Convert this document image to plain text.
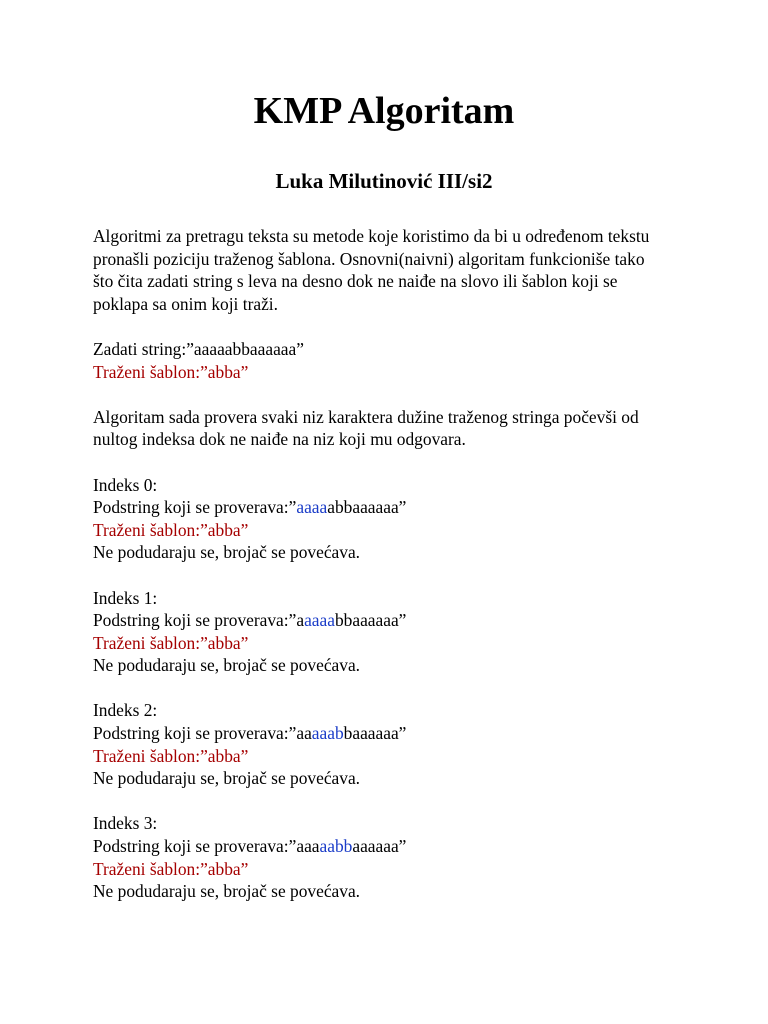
KMP Algoritam
Luka Milutinović III/si2
Algoritmi za pretragu teksta su metode koje koristimo da bi u određenom tekstu
pronašli poziciju traženog šablona. Osnovni(naivni) algoritam funkcioniše tako
što čita zadati string s leva na desno dok ne naiđe na slovo ili šablon koji se
poklapa sa onim koji traži.
Zadati string:”aaaaabbaaaaaa”
Traženi šablon:”abba”
Algoritam sada provera svaki niz karaktera dužine traženog stringa počevši od
nultog indeksa dok ne naiđe na niz koji mu odgovara.
Indeks 0:
Podstring koji se proverava:”aaaaabbaaaaaa”
Traženi šablon:”abba”
Ne podudaraju se, brojač se povećava.
Indeks 1:
Podstring koji se proverava:”aaaaabbaaaaaa”
Traženi šablon:”abba”
Ne podudaraju se, brojač se povećava.
Indeks 2:
Podstring koji se proverava:”aaaaabbaaaaaa”
Traženi šablon:”abba”
Ne podudaraju se, brojač se povećava.
Indeks 3:
Podstring koji se proverava:”aaaaabbaaaaaa”
Traženi šablon:”abba”
Ne podudaraju se, brojač se povećava.
